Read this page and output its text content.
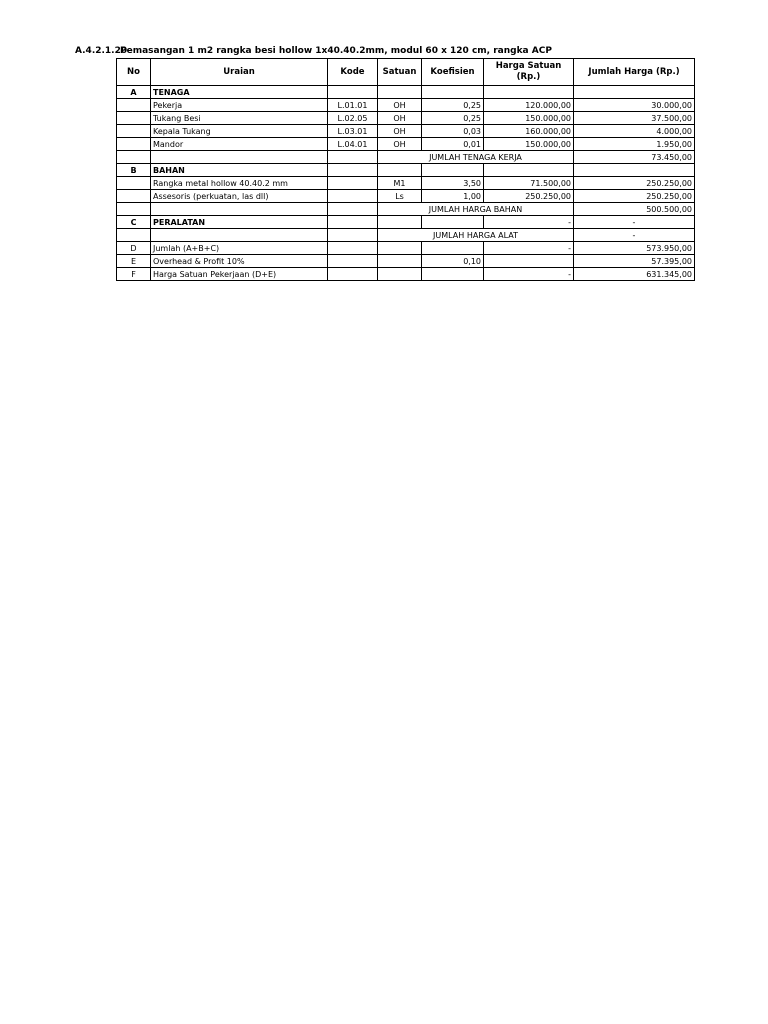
A.4.2.1.20
Pemasangan 1 m2 rangka besi hollow 1x40.40.2mm, modul 60 x 120 cm, rangka ACP
No	Uraian	Kode	Satuan	Koefisien	Harga Satuan
(Rp.)	Jumlah Harga (Rp.)
A	TENAGA					
	Pekerja	L.01.01	OH	0,25	120.000,00	30.000,00
	Tukang Besi	L.02.05	OH	0,25	150.000,00	37.500,00
	Kepala Tukang	L.03.01	OH	0,03	160.000,00	4.000,00
	Mandor	L.04.01	OH	0,01	150.000,00	1.950,00
			JUMLAH TENAGA KERJA			73.450,00
B	BAHAN					
	Rangka metal hollow 40.40.2 mm		M1	3,50	71.500,00	250.250,00
	Assesoris (perkuatan, las dll)		Ls	1,00	250.250,00	250.250,00
			JUMLAH HARGA BAHAN			500.500,00
C	PERALATAN				-	-
			JUMLAH HARGA ALAT			-
D	Jumlah (A+B+C)				-	573.950,00
E	Overhead & Profit 10%			0,10		57.395,00
F	Harga Satuan Pekerjaan (D+E)				-	631.345,00
